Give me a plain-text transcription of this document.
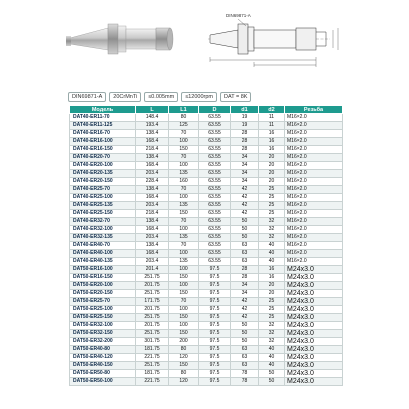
DIN69871-A
DIN69871-A	20CrMnTi	≤0.005mm	≤12000rpm	DAT = 8K
Модель	L	L1	D	d1	d2	Резьба
DAT40-ER11-70	148.4	80	63.55	19	11	M16×2.0
DAT40-ER11-125	193.4	125	63.55	19	11	M16×2.0
DAT40-ER16-70	138.4	70	63.55	28	16	M16×2.0
DAT40-ER16-100	168.4	100	63.55	28	16	M16×2.0
DAT40-ER16-150	218.4	150	63.55	28	16	M16×2.0
DAT40-ER20-70	138.4	70	63.55	34	20	M16×2.0
DAT40-ER20-100	168.4	100	63.55	34	20	M16×2.0
DAT40-ER20-135	203.4	135	63.55	34	20	M16×2.0
DAT40-ER20-150	228.4	160	63.55	34	20	M16×2.0
DAT40-ER25-70	138.4	70	63.55	42	25	M16×2.0
DAT40-ER25-100	168.4	100	63.55	42	25	M16×2.0
DAT40-ER25-135	203.4	135	63.55	42	25	M16×2.0
DAT40-ER25-150	218.4	150	63.55	42	25	M16×2.0
DAT40-ER32-70	138.4	70	63.55	50	32	M16×2.0
DAT40-ER32-100	168.4	100	63.55	50	32	M16×2.0
DAT40-ER32-135	203.4	135	63.55	50	32	M16×2.0
DAT40-ER40-70	138.4	70	63.55	63	40	M16×2.0
DAT40-ER40-100	168.4	100	63.55	63	40	M16×2.0
DAT40-ER40-135	203.4	135	63.55	63	40	M16×2.0
DAT50-ER16-100	201.4	100	97.5	28	16	M24x3.0
DAT50-ER16-150	251.75	150	97.5	28	16	M24x3.0
DAT50-ER20-100	201.75	100	97.5	34	20	M24x3.0
DAT50-ER20-150	251.75	150	97.5	34	20	M24x3.0
DAT50-ER25-70	171.75	70	97.5	42	25	M24x3.0
DAT50-ER25-100	201.75	100	97.5	42	25	M24x3.0
DAT50-ER25-150	251.75	150	97.5	42	25	M24x3.0
DAT50-ER32-100	201.75	100	97.5	50	32	M24x3.0
DAT50-ER32-150	251.75	150	97.5	50	32	M24x3.0
DAT50-ER32-200	301.75	200	97.5	50	32	M24x3.0
DAT50-ER40-80	181.75	80	97.5	63	40	M24x3.0
DAT50-ER40-120	221.75	120	97.5	63	40	M24x3.0
DAT50-ER40-150	251.75	150	97.5	63	40	M24x3.0
DAT50-ER50-80	181.75	80	97.5	78	50	M24x3.0
DAT50-ER50-100	221.75	120	97.5	78	50	M24x3.0
